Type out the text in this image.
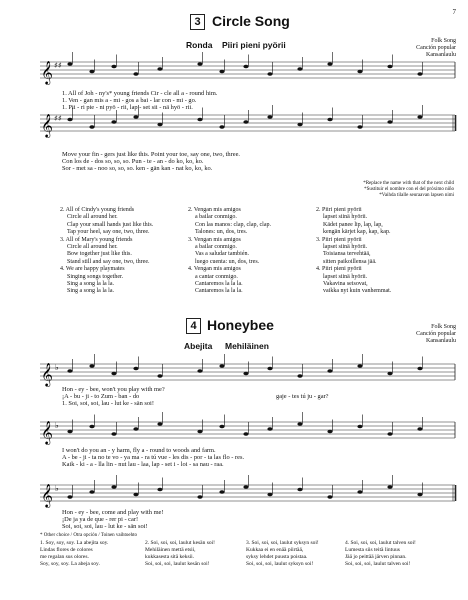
7
3 Circle Song
Ronda Piiri pieni pyörii	Folk Song
Canción popular
Kansanlaulu
𝄞 ♯♯
𝄞 ♯♯
𝄞 ♭
𝄞 ♭
𝄞 ♭
1. All of Joh - ny's* young friends Cir - cle all a - round him.
1. Ven - gan mis a - mi - gos a bai - lar con - mi - go.
1. Pii - ri pie - ni pyö - rii, lap - set sii - nä hyö - rii.
Move your fin - gers just like this. Point your toe, say one, two, three.
Con los de - dos so, so, so. Pun - te - an - do ko, ko, ko.
Sor - met sa - noo so, so, so. ken - gän kan - nat ko, ko, ko.
*Replace the name with that of the next child
*Sustituir el nombre con el del próximo niño
*Vaihda tilalle seuraavan lapsen nimi
2. All of Cindy's young friends
Circle all around her.
Clap your small hands just like this.
Tap your heel, say one, two, three.
3. All of Mary's young friends
Circle all around her.
Bow together just like this.
Stand still and say one, two, three.
4. We are happy playmates
Singing songs together.
Sing a song la la la.
Sing a song la la la.
2. Vengan mis amigos
a bailar conmigo.
Con las manos: clap, clap, clap.
Talones: un, dos, tres.
3. Vengan mis amigos
a bailar conmigo.
Vas a saludar también.
luego cuenta: un, dos, tres.
4. Vengan mis amigos
a cantar conmigo.
Cantaremos la la la.
Cantaremos la la la.
2. Piiri pieni pyörii
lapset siinä hyörii.
Kädet panee lip, lap, lap,
kengän kärjet kap, kap, kap.
3. Piiri pieni pyörii
lapset siinä hyörii.
Toisiansa tervehtää,
sitten paikoillensa jää.
4. Piiri pieni pyörii
lapset siinä hyörii.
Vakavina seisovat,
vaikka nyt kuin vanhemmat.
4 Honeybee
Abejita Mehiläinen
Folk Song
Canción popular
Kansanlaulu
Hon - ey - bee, won't you play with me?
¡A - bu - ji - to Zum - ban - do
1. Soi, soi, soi, lau - lut ke - sän soi!
gaje - tes tú ju - gar?
I won't do you an - y harm, fly a - round to woods and farm.
A - be - ji - ta no te vo - ya ma - ra tú vue - les dis - por - ta las flo - res.
Kaik - ki - a - lla lin - nut lau - laa, lap - set i - loi - sa nau - raa.
Hon - ey - bee, come and play with me!
¡De ja ya de que - rer pi - car!
Soi, soi, soi, lau - lut ke - sän soi!
* Other choice / Otra opción / Toinen vaihtoehto
1. Soy, soy, soy. La abejita soy.
Lindas flores de colores
me regalan sus olores.
Soy, soy, soy. La abeja soy.
2. Soi, soi, soi, laulut kesän soi!
Mehiläinen mettä etsii,
kukkasesta sitä keksii.
Soi, soi, soi, laulut kesän soi!
3. Soi, soi, soi, laulut syksyn soi!
Kukkaa ei en enää piirtää,
syksy lehdet puusta poistaa.
Soi, soi, soi, laulut syksyn soi!
4. Soi, soi, soi, laulut talven soi!
Lumesta siis teitä lintuus
Jää jo peittää järven pinnan.
Soi, soi, soi, laulut talven soi!
